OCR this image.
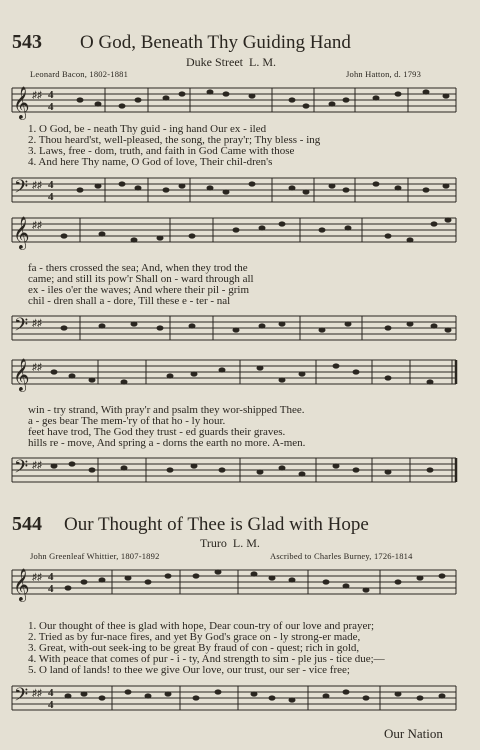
543 O God, Beneath Thy Guiding Hand
Duke Street L. M.
Leonard Bacon, 1802-1881	John Hatton, d. 1793
𝄞 ♯♯ 4
4
1. O God, be - neath Thy guid - ing hand Our ex - iled
2. Thou heard'st, well-pleased, the song, the pray'r; Thy bless - ing
3. Laws, free - dom, truth, and faith in God Came with those
4. And here Thy name, O God of love, Their chil-dren's
𝄢 ♯♯ 4
4
𝄞 ♯♯
fa - thers crossed the sea; And, when they trod the
came; and still its pow'r Shall on - ward through all
ex - iles o'er the waves; And where their pil - grim
chil - dren shall a - dore, Till these e - ter - nal
𝄢 ♯♯
𝄞 ♯♯
win - try strand, With pray'r and psalm they wor-shipped Thee.
a - ges bear The mem-'ry of that ho - ly hour.
feet have trod, The God they trust - ed guards their graves.
hills re - move, And spring a - dorns the earth no more. A-men.
𝄢 ♯♯
544 Our Thought of Thee is Glad with Hope
Truro L. M.
John Greenleaf Whittier, 1807-1892	Ascribed to Charles Burney, 1726-1814
𝄞 ♯♯ 4
4
1. Our thought of thee is glad with hope, Dear coun-try of our love and prayer;
2. Tried as by fur-nace fires, and yet By God's grace on - ly strong-er made,
3. Great, with-out seek-ing to be great By fraud of con - quest; rich in gold,
4. With peace that comes of pur - i - ty, And strength to sim - ple jus - tice due;—
5. O land of lands! to thee we give Our love, our trust, our ser - vice free;
𝄢 ♯♯ 4
4
Our Nation
